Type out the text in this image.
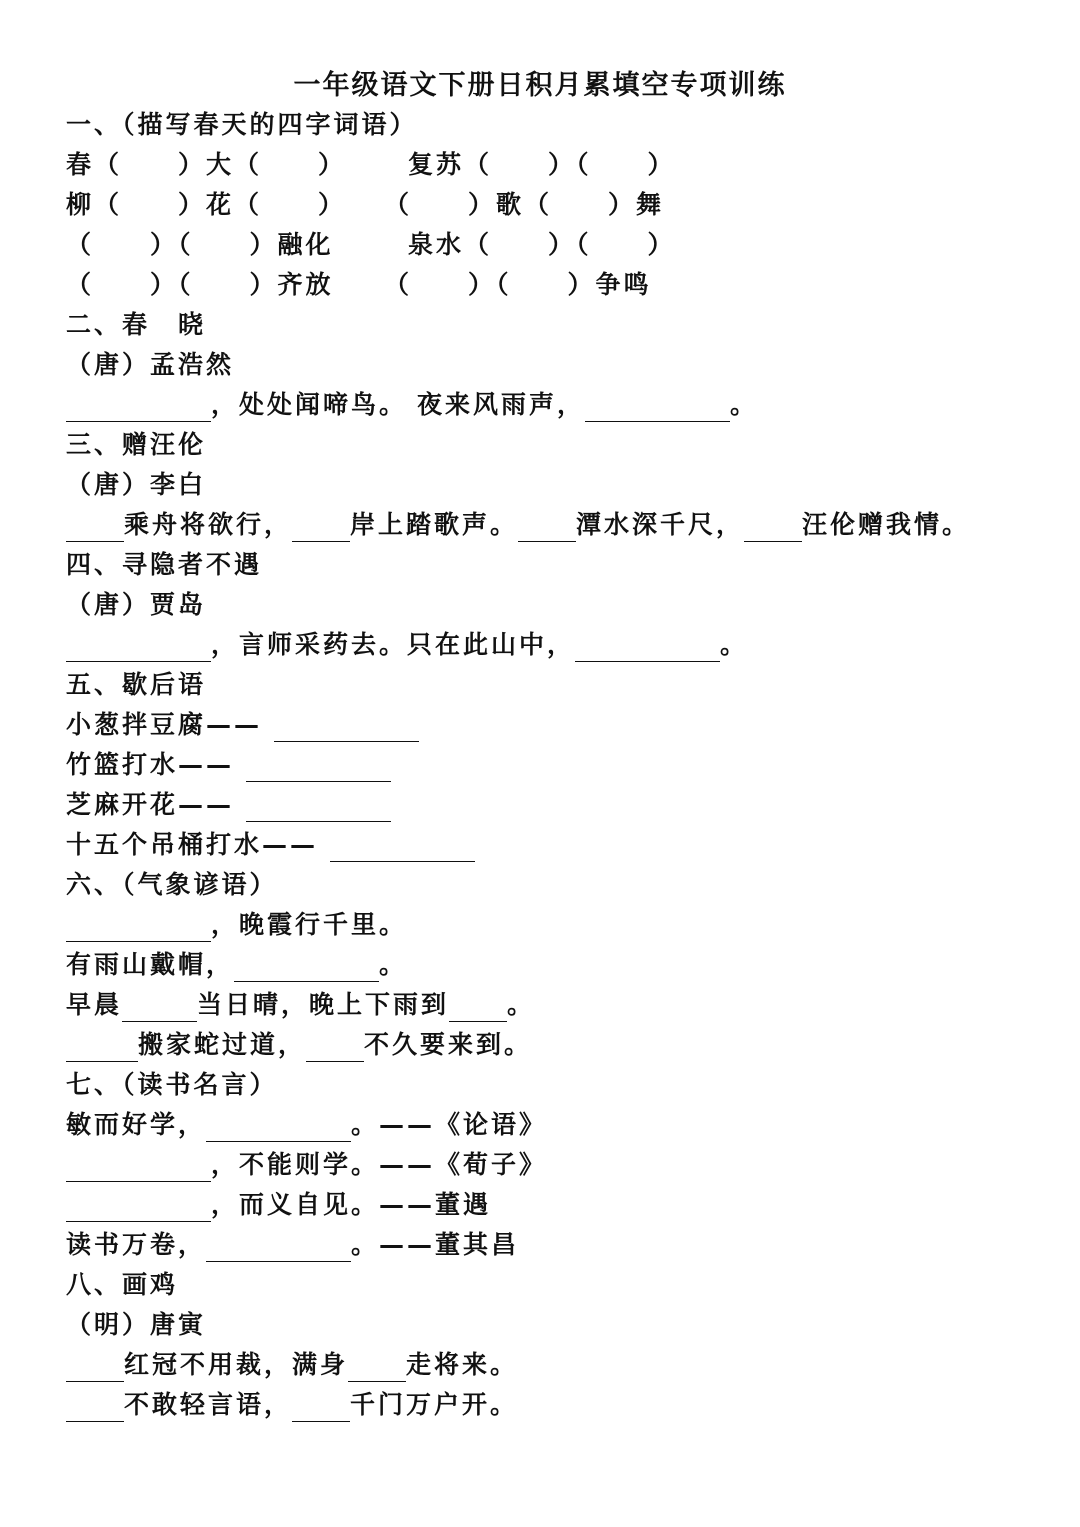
一年级语文下册日积月累填空专项训练
一、（描写春天的四字词语）
春（　　）大（　　） 复苏（　　）（　　）
柳（　　）花（　　） （　　）歌（　　）舞
（　　）（　　）融化	泉水（　　）（　　）
（　　）（　　）齐放 （　　）（　　）争鸣
二、春　晓
（唐）孟浩然
，处处闻啼鸟。 夜来风雨声，	。
三、赠汪伦
（唐）李白
乘舟将欲行， 岸上踏歌声。 潭水深千尺， 汪伦赠我情。
四、寻隐者不遇
（唐）贾岛
，言师采药去。只在此山中，	。
五、歇后语
小葱拌豆腐——
竹篮打水——
芝麻开花——
十五个吊桶打水——
六、（气象谚语）
，晚霞行千里。
有雨山戴帽，	。
早晨	当日晴，晚上下雨到 。
搬家蛇过道， 不久要来到。
七、（读书名言）
敏而好学，	。——《论语》
，不能则学。——《荀子》
，而义自见。——董遇
读书万卷，	。——董其昌
八、画鸡
（明）唐寅
红冠不用裁，满身 走将来。
不敢轻言语， 千门万户开。
